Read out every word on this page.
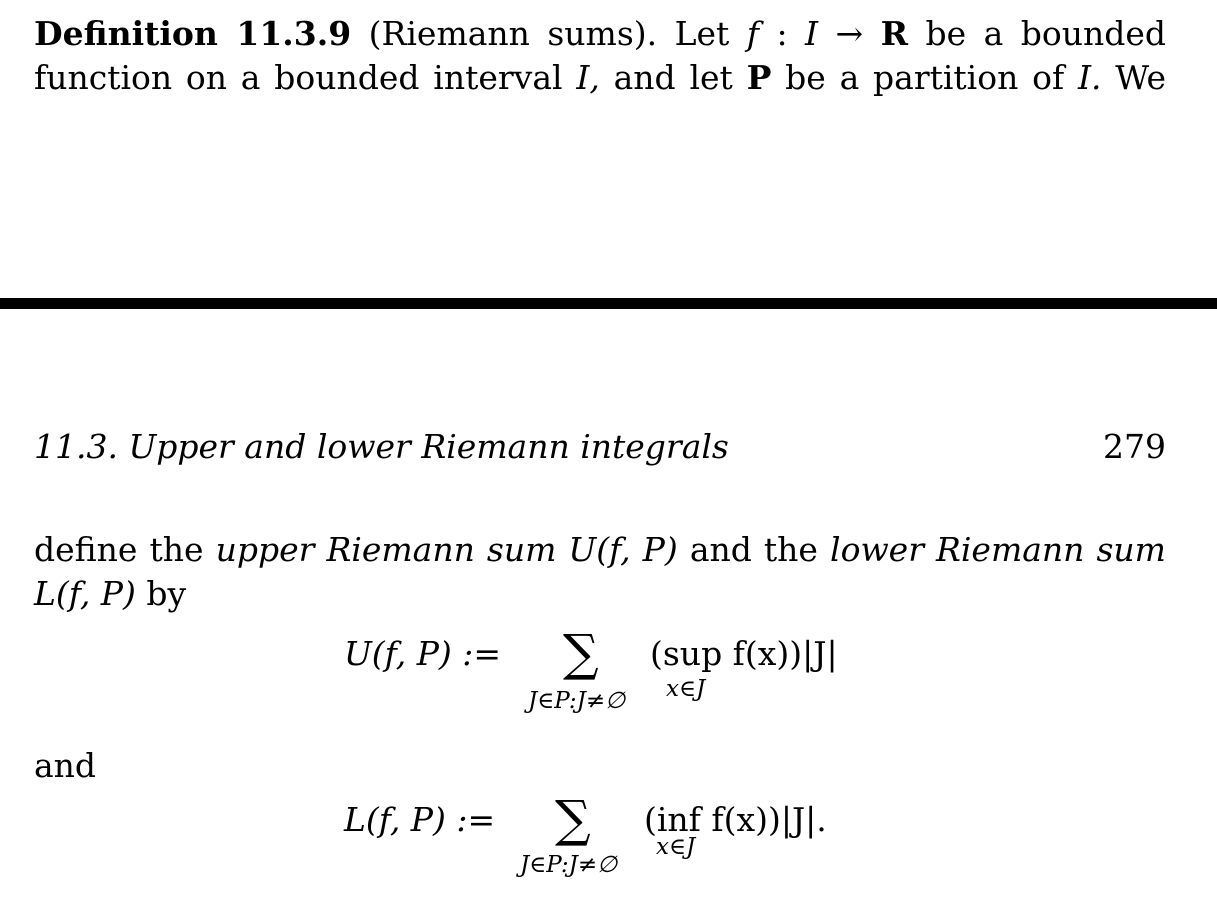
Definition 11.3.9 (Riemann sums). Let f : I → R be a bounded
function on a bounded interval I, and let P be a partition of I. We
11.3. Upper and lower Riemann integrals	279
define the upper Riemann sum U(f, P) and the lower Riemann sum
L(f, P) by
U(f, P) := ∑ (sup f(x))|J|
J∈P:J≠∅ x∈J
and
L(f, P) := ∑ (inf f(x))|J|.
J∈P:J≠∅
x∈J
